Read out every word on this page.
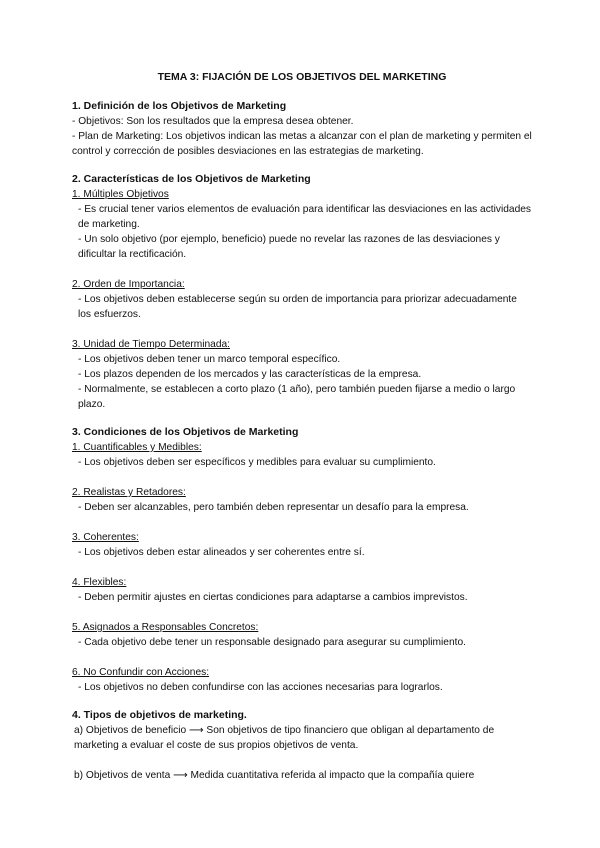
TEMA 3: FIJACIÓN DE LOS OBJETIVOS DEL MARKETING
1. Definición de los Objetivos de Marketing

- Objetivos: Son los resultados que la empresa desea obtener.

- Plan de Marketing: Los objetivos indican las metas a alcanzar con el plan de marketing y permiten el control y corrección de posibles desviaciones en las estrategias de marketing.

2. Características de los Objetivos de Marketing

1. Múltiples Objetivos

- Es crucial tener varios elementos de evaluación para identificar las desviaciones en las actividades de marketing.

- Un solo objetivo (por ejemplo, beneficio) puede no revelar las razones de las desviaciones y dificultar la rectificación.

2. Orden de Importancia:

- Los objetivos deben establecerse según su orden de importancia para priorizar adecuadamente los esfuerzos.

3. Unidad de Tiempo Determinada:

- Los objetivos deben tener un marco temporal específico.

- Los plazos dependen de los mercados y las características de la empresa.

- Normalmente, se establecen a corto plazo (1 año), pero también pueden fijarse a medio o largo plazo.

3. Condiciones de los Objetivos de Marketing

1. Cuantificables y Medibles:

- Los objetivos deben ser específicos y medibles para evaluar su cumplimiento.

2. Realistas y Retadores:

- Deben ser alcanzables, pero también deben representar un desafío para la empresa.

3. Coherentes:

- Los objetivos deben estar alineados y ser coherentes entre sí.

4. Flexibles:

- Deben permitir ajustes en ciertas condiciones para adaptarse a cambios imprevistos.

5. Asignados a Responsables Concretos:

- Cada objetivo debe tener un responsable designado para asegurar su cumplimiento.

6. No Confundir con Acciones:

- Los objetivos no deben confundirse con las acciones necesarias para lograrlos.

4. Tipos de objetivos de marketing.

a) Objetivos de beneficio ⟶ Son objetivos de tipo financiero que obligan al departamento de marketing a evaluar el coste de sus propios objetivos de venta.

b) Objetivos de venta ⟶ Medida cuantitativa referida al impacto que la compañía quiere
